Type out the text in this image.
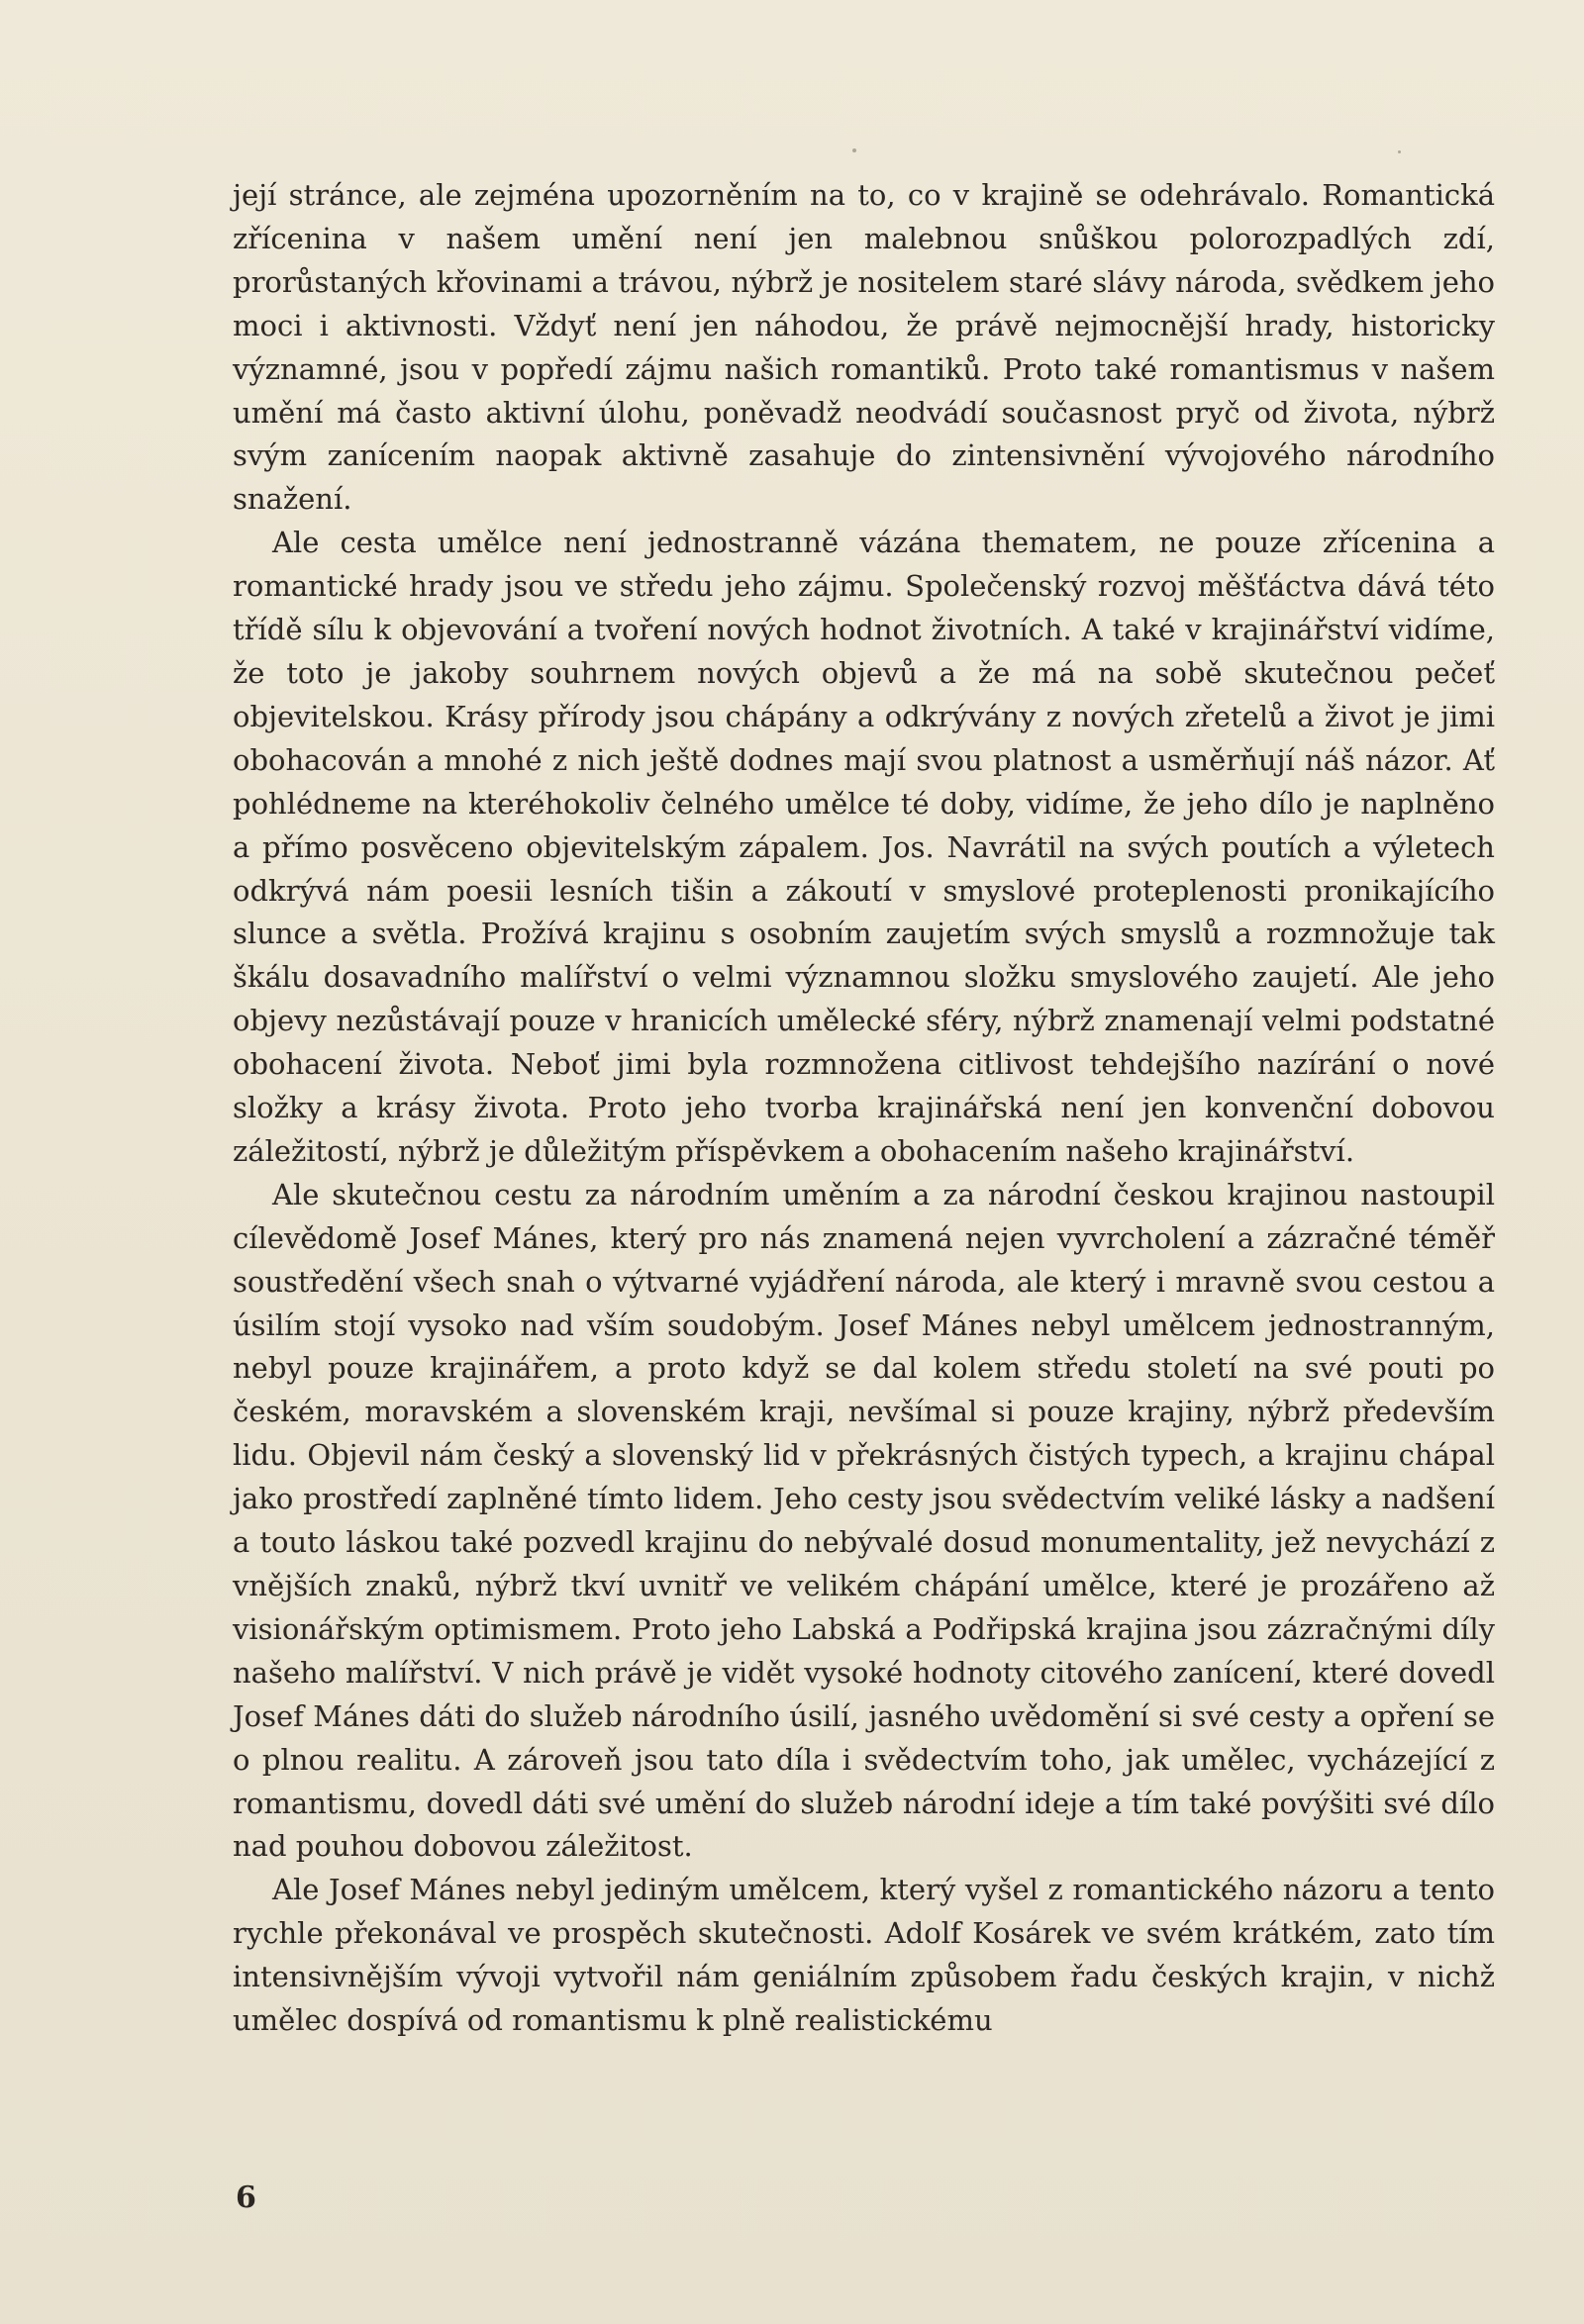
její stránce, ale zejména upozorněním na to, co v krajině se odehrávalo. Romantická zřícenina v našem umění není jen malebnou snůškou polorozpadlých zdí, prorůstaných křovinami a trávou, nýbrž je nositelem staré slávy národa, svědkem jeho moci i aktivnosti. Vždyť není jen náhodou, že právě nejmocnější hrady, historicky významné, jsou v popředí zájmu našich romantiků. Proto také romantismus v našem umění má často aktivní úlohu, poněvadž neodvádí současnost pryč od života, nýbrž svým zanícením naopak aktivně zasahuje do zintensivnění vývojového národního snažení.

Ale cesta umělce není jednostranně vázána thematem, ne pouze zřícenina a romantické hrady jsou ve středu jeho zájmu. Společenský rozvoj měšťáctva dává této třídě sílu k objevování a tvoření nových hodnot životních. A také v krajinářství vidíme, že toto je jakoby souhrnem nových objevů a že má na sobě skutečnou pečeť objevitelskou. Krásy přírody jsou chápány a odkrývány z nových zřetelů a život je jimi obohacován a mnohé z nich ještě dodnes mají svou platnost a usměrňují náš názor. Ať pohlédneme na kteréhokoliv čelného umělce té doby, vidíme, že jeho dílo je naplněno a přímo posvěceno objevitelským zápalem. Jos. Navrátil na svých poutích a výletech odkrývá nám poesii lesních tišin a zákoutí v smyslové proteplenosti pronikajícího slunce a světla. Prožívá krajinu s osobním zaujetím svých smyslů a rozmnožuje tak škálu dosavadního malířství o velmi významnou složku smyslového zaujetí. Ale jeho objevy nezůstávají pouze v hranicích umělecké sféry, nýbrž znamenají velmi podstatné obohacení života. Neboť jimi byla rozmnožena citlivost tehdejšího nazírání o nové složky a krásy života. Proto jeho tvorba krajinářská není jen konvenční dobovou záležitostí, nýbrž je důležitým příspěvkem a obohacením našeho krajinářství.

Ale skutečnou cestu za národním uměním a za národní českou krajinou nastoupil cílevědomě Josef Mánes, který pro nás znamená nejen vyvrcholení a zázračné téměř soustředění všech snah o výtvarné vyjádření národa, ale který i mravně svou cestou a úsilím stojí vysoko nad vším soudobým. Josef Mánes nebyl umělcem jednostranným, nebyl pouze krajinářem, a proto když se dal kolem středu století na své pouti po českém, moravském a slovenském kraji, nevšímal si pouze krajiny, nýbrž především lidu. Objevil nám český a slovenský lid v překrásných čistých typech, a krajinu chápal jako prostředí zaplněné tímto lidem. Jeho cesty jsou svědectvím veliké lásky a nadšení a touto láskou také pozvedl krajinu do nebývalé dosud monumentality, jež nevychází z vnějších znaků, nýbrž tkví uvnitř ve velikém chápání umělce, které je prozářeno až visionářským optimismem. Proto jeho Labská a Podřipská krajina jsou zázračnými díly našeho malířství. V nich právě je vidět vysoké hodnoty citového zanícení, které dovedl Josef Mánes dáti do služeb národního úsilí, jasného uvědomění si své cesty a opření se o plnou realitu. A zároveň jsou tato díla i svědectvím toho, jak umělec, vycházející z romantismu, dovedl dáti své umění do služeb národní ideje a tím také povýšiti své dílo nad pouhou dobovou záležitost.

Ale Josef Mánes nebyl jediným umělcem, který vyšel z romantického názoru a tento rychle překonával ve prospěch skutečnosti. Adolf Kosárek ve svém krátkém, zato tím intensivnějším vývoji vytvořil nám geniálním způsobem řadu českých krajin, v nichž umělec dospívá od romantismu k plně realistickému

6
